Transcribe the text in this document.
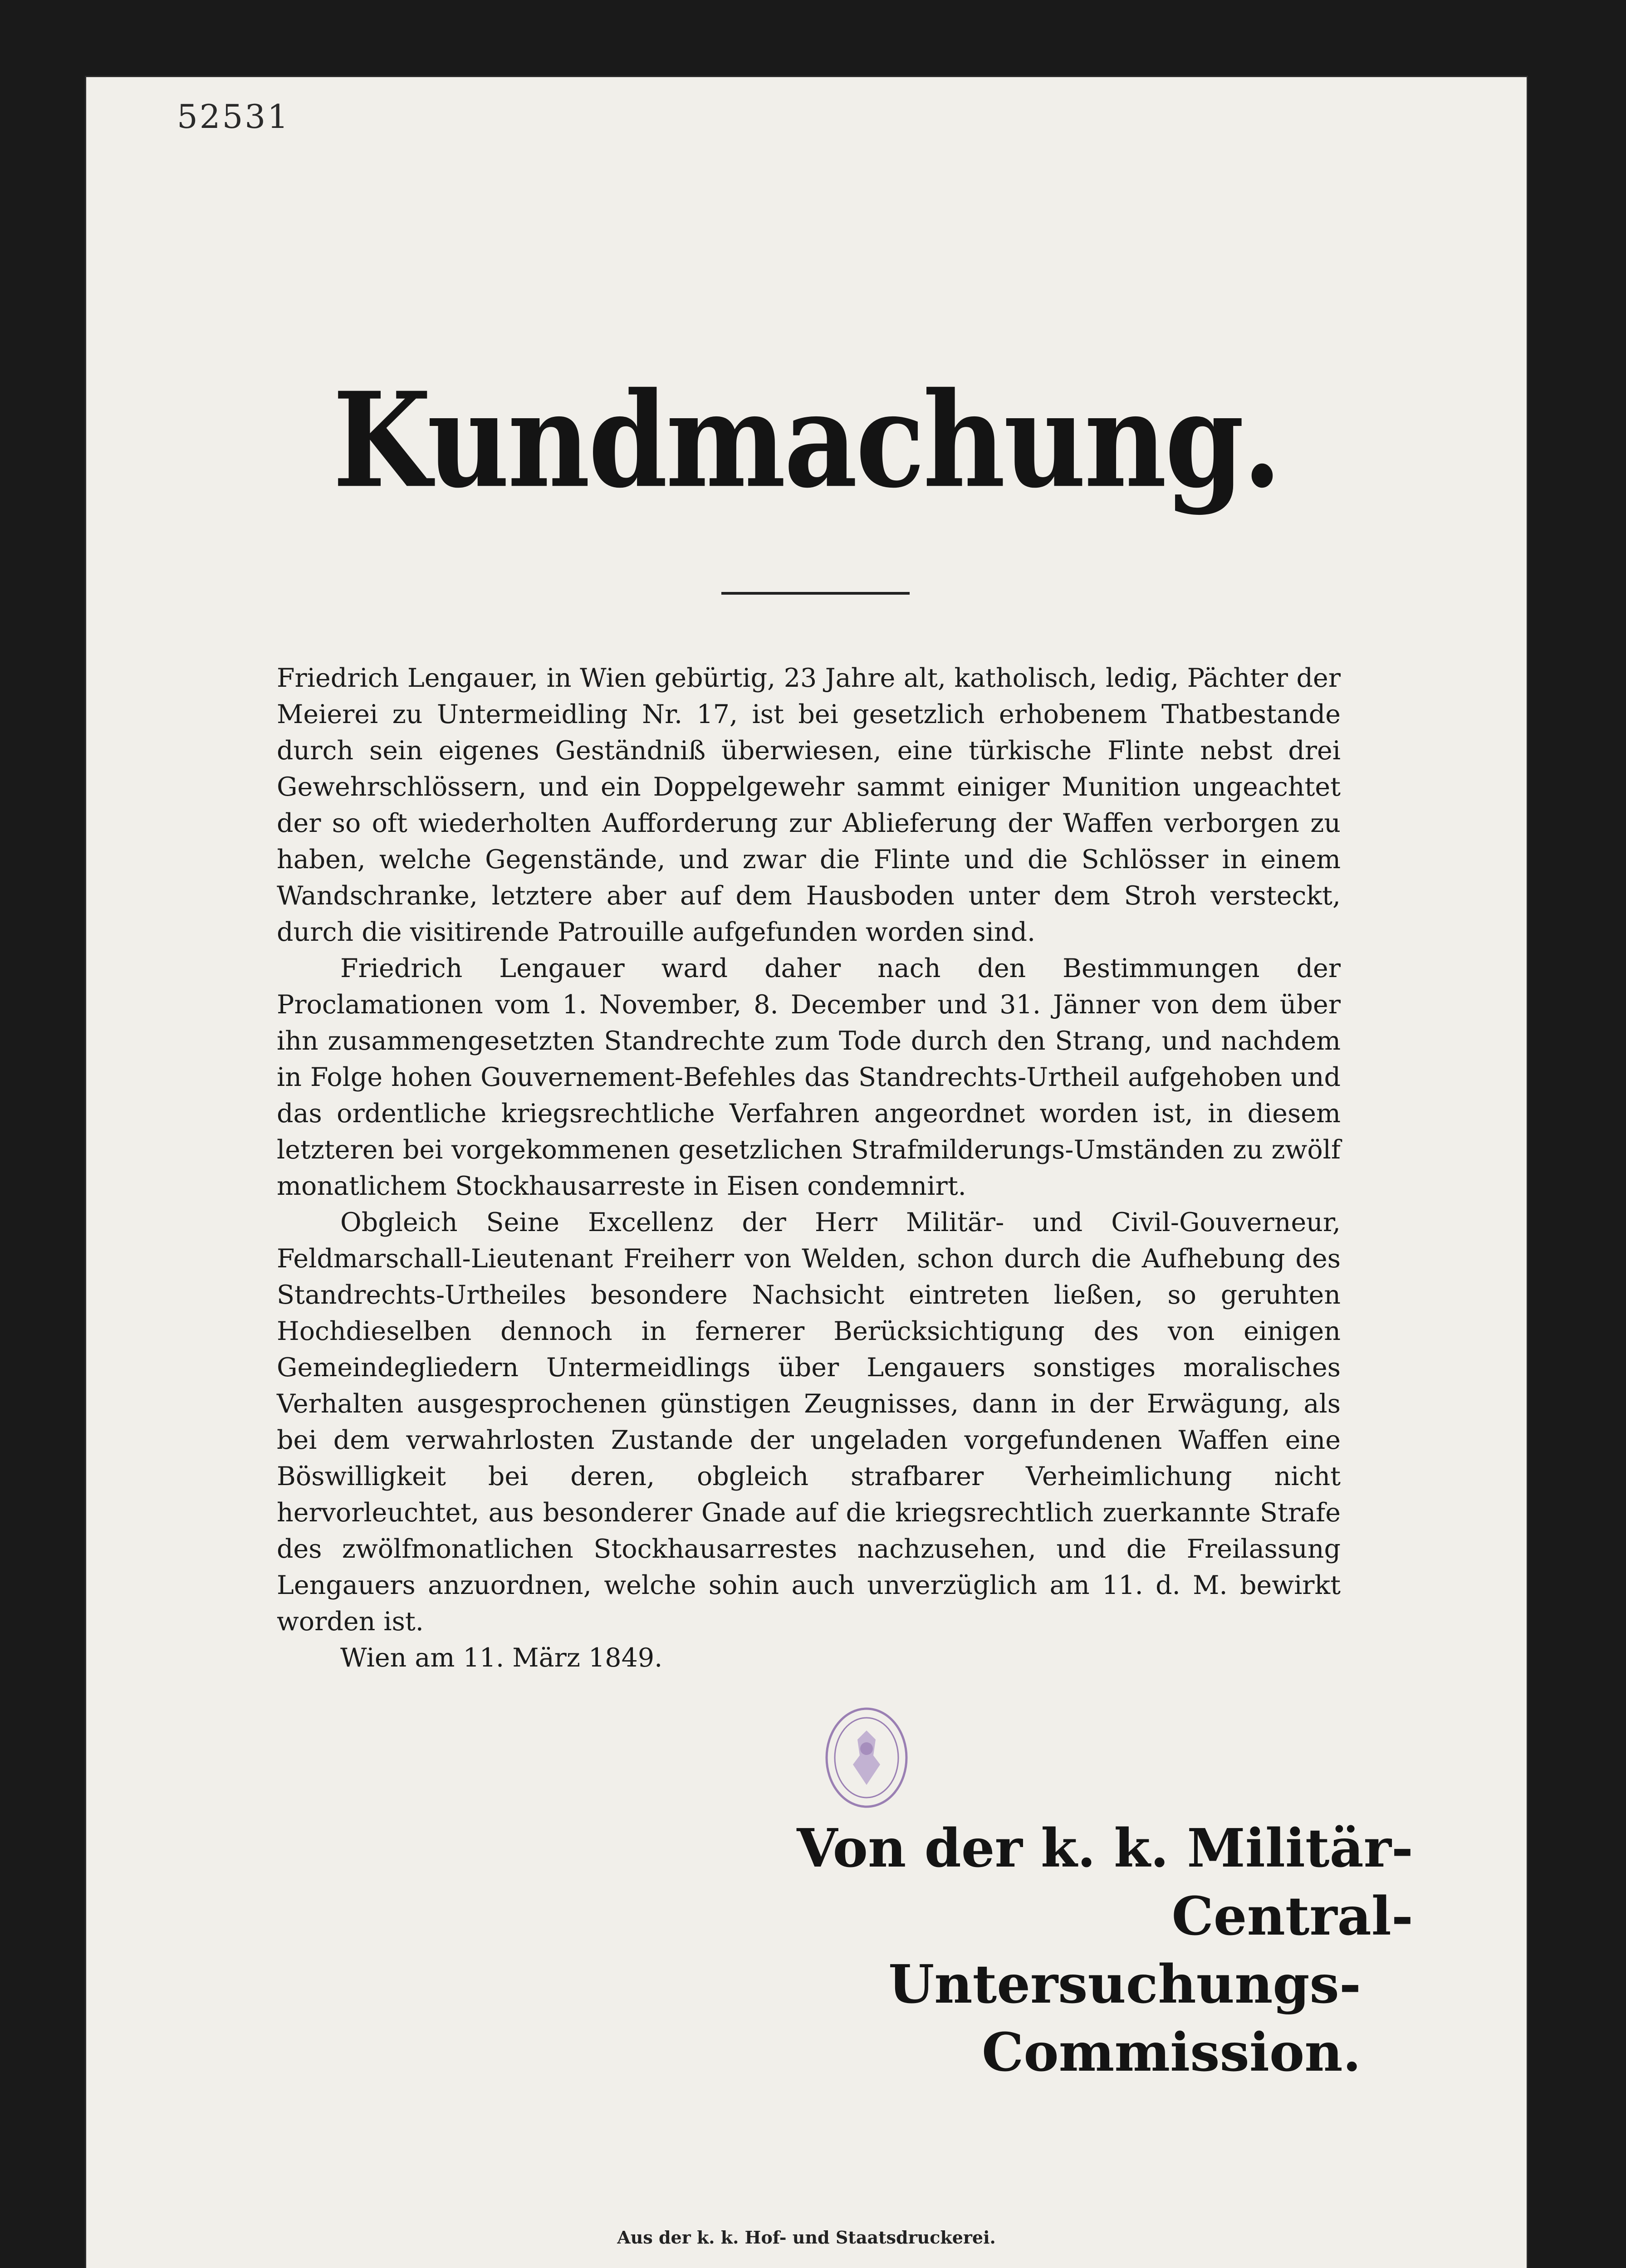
52531
Kundmachung.

Friedrich Lengauer, in Wien gebürtig, 23 Jahre alt, katholisch, ledig, Pächter der Meierei zu Untermeidling Nr. 17, ist bei gesetzlich erhobenem Thatbestande durch sein eigenes Geständniß überwiesen, eine türkische Flinte nebst drei Gewehrschlössern, und ein Doppelgewehr sammt einiger Munition ungeachtet der so oft wiederholten Aufforderung zur Ablieferung der Waffen verborgen zu haben, welche Gegenstände, und zwar die Flinte und die Schlösser in einem Wandschranke, letztere aber auf dem Hausboden unter dem Stroh versteckt, durch die visitirende Patrouille aufgefunden worden sind.

Friedrich Lengauer ward daher nach den Bestimmungen der Proclamationen vom 1. November, 8. December und 31. Jänner von dem über ihn zusammengesetzten Standrechte zum Tode durch den Strang, und nachdem in Folge hohen Gouvernement-Befehles das Standrechts-Urtheil aufgehoben und das ordentliche kriegsrechtliche Verfahren angeordnet worden ist, in diesem letzteren bei vorgekommenen gesetzlichen Strafmilderungs-Umständen zu zwölf monatlichem Stockhausarreste in Eisen condemnirt.

Obgleich Seine Excellenz der Herr Militär- und Civil-Gouverneur, Feldmarschall-Lieutenant Freiherr von Welden, schon durch die Aufhebung des Standrechts-Urtheiles besondere Nachsicht eintreten ließen, so geruhten Hochdieselben dennoch in fernerer Berücksichtigung des von einigen Gemeindegliedern Untermeidlings über Lengauers sonstiges moralisches Verhalten ausgesprochenen günstigen Zeugnisses, dann in der Erwägung, als bei dem verwahrlosten Zustande der ungeladen vorgefundenen Waffen eine Böswilligkeit bei deren, obgleich strafbarer Verheimlichung nicht hervorleuchtet, aus besonderer Gnade auf die kriegsrechtlich zuerkannte Strafe des zwölfmonatlichen Stockhausarrestes nachzusehen, und die Freilassung Lengauers anzuordnen, welche sohin auch unverzüglich am 11. d. M. bewirkt worden ist.

Wien am 11. März 1849.
Von der k. k. Militär-Central-
Untersuchungs-Commission.
Aus der k. k. Hof- und Staatsdruckerei.
